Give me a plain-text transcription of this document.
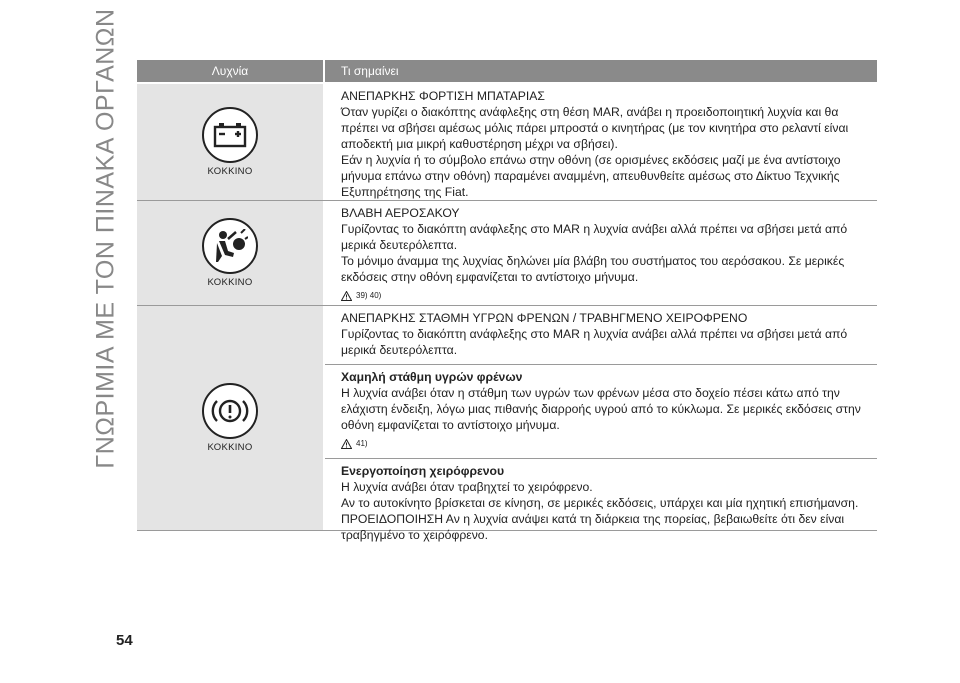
ΓΝΩΡΙΜΙΑ ΜΕ ΤΟΝ ΠΙΝΑΚΑ ΟΡΓΑΝΩΝ	Λυχνία	Τι σημαίνει
ΚΟΚΚΙΝΟ

ΑΝΕΠΑΡΚΗΣ ΦΟΡΤΙΣΗ ΜΠΑΤΑΡΙΑΣ

Όταν γυρίζει ο διακόπτης ανάφλεξης στη θέση MAR, ανάβει η προειδοποιητική λυχνία και θα

πρέπει να σβήσει αμέσως μόλις πάρει μπροστά ο κινητήρας (με τον κινητήρα στο ρελαντί είναι

αποδεκτή μια μικρή καθυστέρηση μέχρι να σβήσει).

Εάν η λυχνία ή το σύμβολο επάνω στην οθόνη (σε ορισμένες εκδόσεις μαζί με ένα αντίστοιχο

μήνυμα επάνω στην οθόνη) παραμένει αναμμένη, απευθυνθείτε αμέσως στο Δίκτυο Τεχνικής

Εξυπηρέτησης της Fiat.

ΚΟΚΚΙΝΟ

ΒΛΑΒΗ ΑΕΡΟΣΑΚΟΥ

Γυρίζοντας το διακόπτη ανάφλεξης στο MAR η λυχνία ανάβει αλλά πρέπει να σβήσει μετά από

μερικά δευτερόλεπτα.

Το μόνιμο άναμμα της λυχνίας δηλώνει μία βλάβη του συστήματος του αερόσακου. Σε μερικές

εκδόσεις στην οθόνη εμφανίζεται το αντίστοιχο μήνυμα.

39) 40)
ΚΟΚΚΙΝΟ

ΑΝΕΠΑΡΚΗΣ ΣΤΑΘΜΗ ΥΓΡΩΝ ΦΡΕΝΩΝ / ΤΡΑΒΗΓΜΕΝΟ ΧΕΙΡΟΦΡΕΝΟ

Γυρίζοντας το διακόπτη ανάφλεξης στο MAR η λυχνία ανάβει αλλά πρέπει να σβήσει μετά από

μερικά δευτερόλεπτα.

Χαμηλή στάθμη υγρών φρένων

Η λυχνία ανάβει όταν η στάθμη των υγρών των φρένων μέσα στο δοχείο πέσει κάτω από την

ελάχιστη ένδειξη, λόγω μιας πιθανής διαρροής υγρού από το κύκλωμα. Σε μερικές εκδόσεις στην

οθόνη εμφανίζεται το αντίστοιχο μήνυμα.

41)

Ενεργοποίηση χειρόφρενου

Η λυχνία ανάβει όταν τραβηχτεί το χειρόφρενο.

Αν το αυτοκίνητο βρίσκεται σε κίνηση, σε μερικές εκδόσεις, υπάρχει και μία ηχητική επισήμανση.

ΠΡΟΕΙΔΟΠΟΙΗΣΗ Αν η λυχνία ανάψει κατά τη διάρκεια της πορείας, βεβαιωθείτε ότι δεν είναι

τραβηγμένο το χειρόφρενο.

54
